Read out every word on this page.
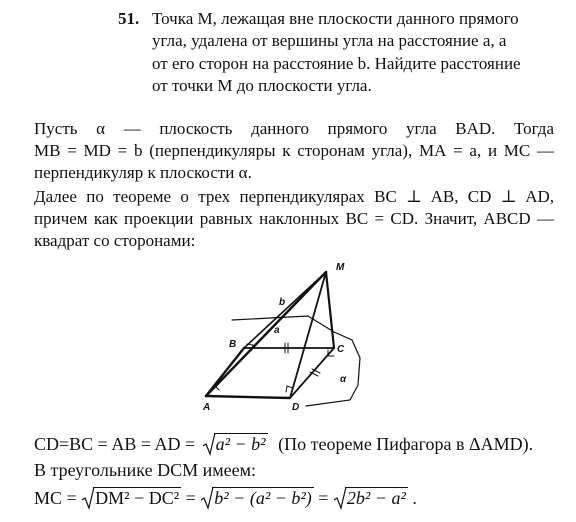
51. Точка М, лежащая вне плоскости данного прямого
угла, удалена от вершины угла на расстояние a, а
от его сторон на расстояние b. Найдите расстояние
от точки М до плоскости угла.
Пусть α — плоскость данного прямого угла BAD. Тогда
MB = MD = b (перпендикуляры к сторонам угла), МА = a, и МС —
перпендикуляр к плоскости α.
Далее по теореме о трех перпендикулярах BC ⊥ AB, CD ⊥ AD,
причем как проекции равных наклонных BC = CD. Значит, ABCD —
квадрат со сторонами:
M
B	C
A	D
a
b
α
CD=BC = AB = AD = a² − b² (По теореме Пифагора в ΔAMD).
В треугольнике DCM имеем:
MC = DM² − DC² = b² − (a² − b²) = 2b² − a² .
